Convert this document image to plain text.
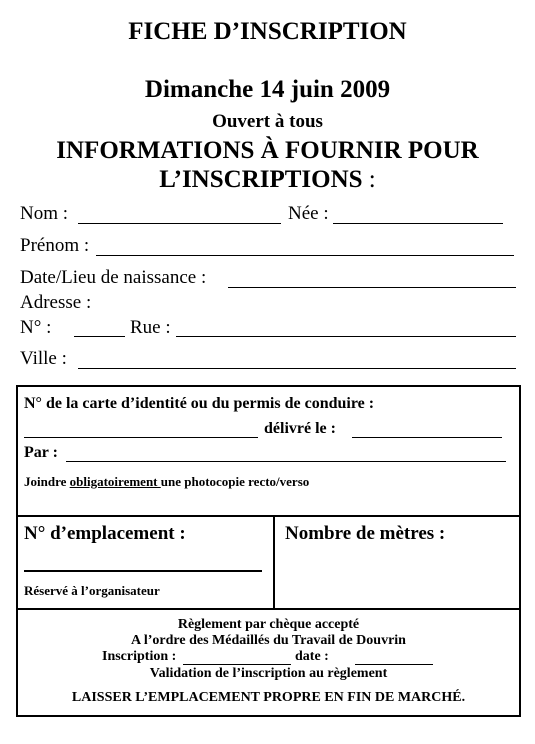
FICHE D’INSCRIPTION
Dimanche 14 juin 2009
Ouvert à tous
INFORMATIONS À FOURNIR POUR
L’INSCRIPTIONS :
Nom :	Née :
Prénom :
Date/Lieu de naissance :
Adresse :
N° :	Rue :
Ville :
N° de la carte d’identité ou du permis de conduire :
délivré le :
Par :
Joindre obligatoirement une photocopie recto/verso
N° d’emplacement :
Réservé à l’organisateur
Nombre de mètres :
Règlement par chèque accepté
A l’ordre des Médaillés du Travail de Douvrin
Inscription :	date :
Validation de l’inscription au règlement
LAISSER L’EMPLACEMENT PROPRE EN FIN DE MARCHÉ.
